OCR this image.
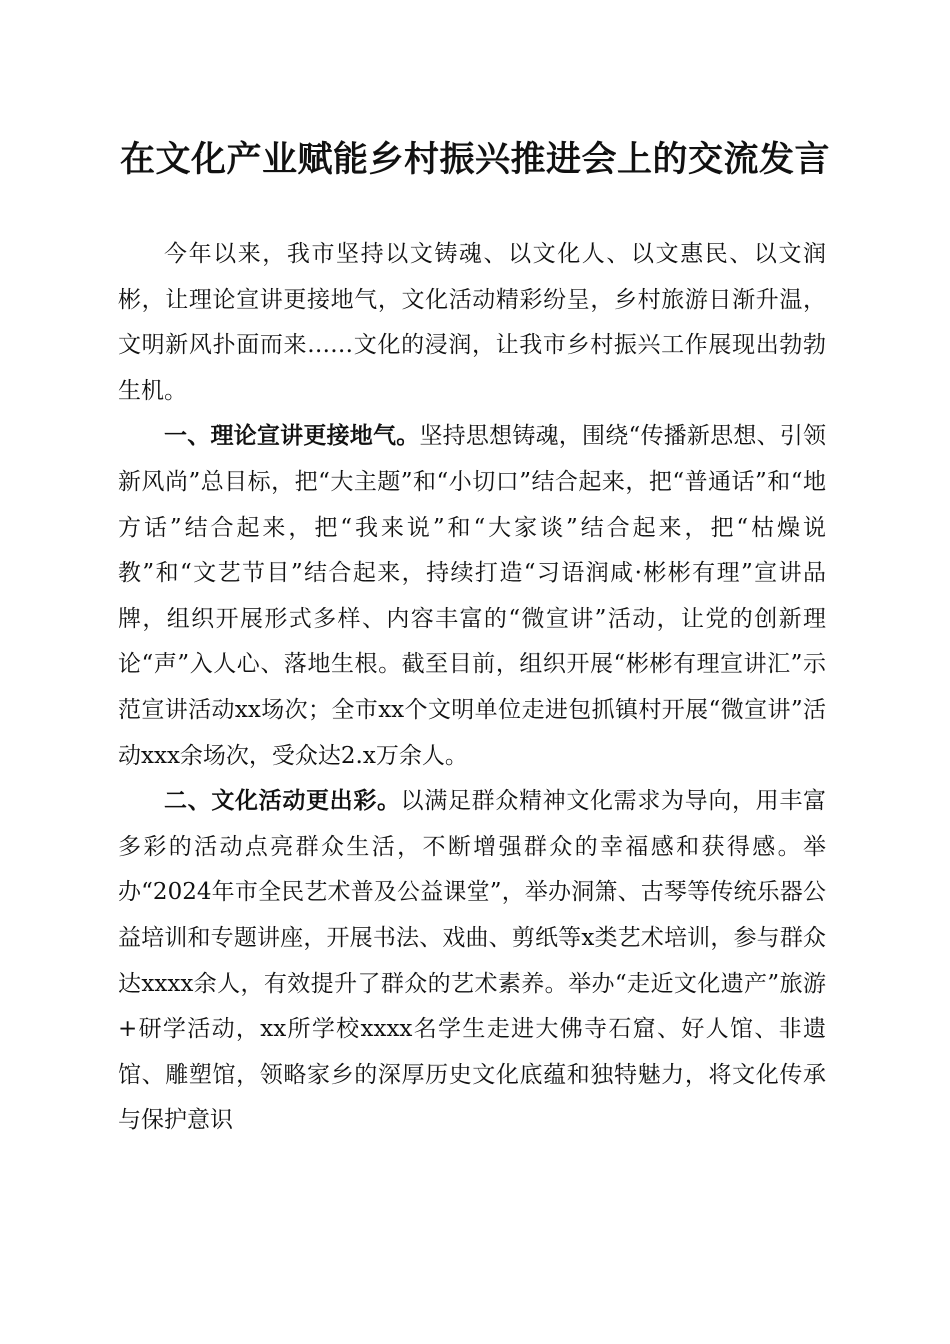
在文化产业赋能乡村振兴推进会上的交流发言

今年以来，我市坚持以文铸魂、以文化人、以文惠民、以文润彬，让理论宣讲更接地气，文化活动精彩纷呈，乡村旅游日渐升温，文明新风扑面而来……文化的浸润，让我市乡村振兴工作展现出勃勃生机。

一、理论宣讲更接地气。坚持思想铸魂，围绕“传播新思想、引领新风尚”总目标，把“大主题”和“小切口”结合起来，把“普通话”和“地方话”结合起来，把“我来说”和“大家谈”结合起来，把“枯燥说教”和“文艺节目”结合起来，持续打造“习语润咸·彬彬有理”宣讲品牌，组织开展形式多样、内容丰富的“微宣讲”活动，让党的创新理论“声”入人心、落地生根。截至目前，组织开展“彬彬有理宣讲汇”示范宣讲活动xx场次；全市xx个文明单位走进包抓镇村开展“微宣讲”活动xxx余场次，受众达2.x万余人。

二、文化活动更出彩。以满足群众精神文化需求为导向，用丰富多彩的活动点亮群众生活，不断增强群众的幸福感和获得感。举办“2024年市全民艺术普及公益课堂”，举办洞箫、古琴等传统乐器公益培训和专题讲座，开展书法、戏曲、剪纸等x类艺术培训，参与群众达xxxx余人，有效提升了群众的艺术素养。举办“走近文化遗产”旅游+研学活动，xx所学校xxxx名学生走进大佛寺石窟、好人馆、非遗馆、雕塑馆，领略家乡的深厚历史文化底蕴和独特魅力，将文化传承与保护意识
